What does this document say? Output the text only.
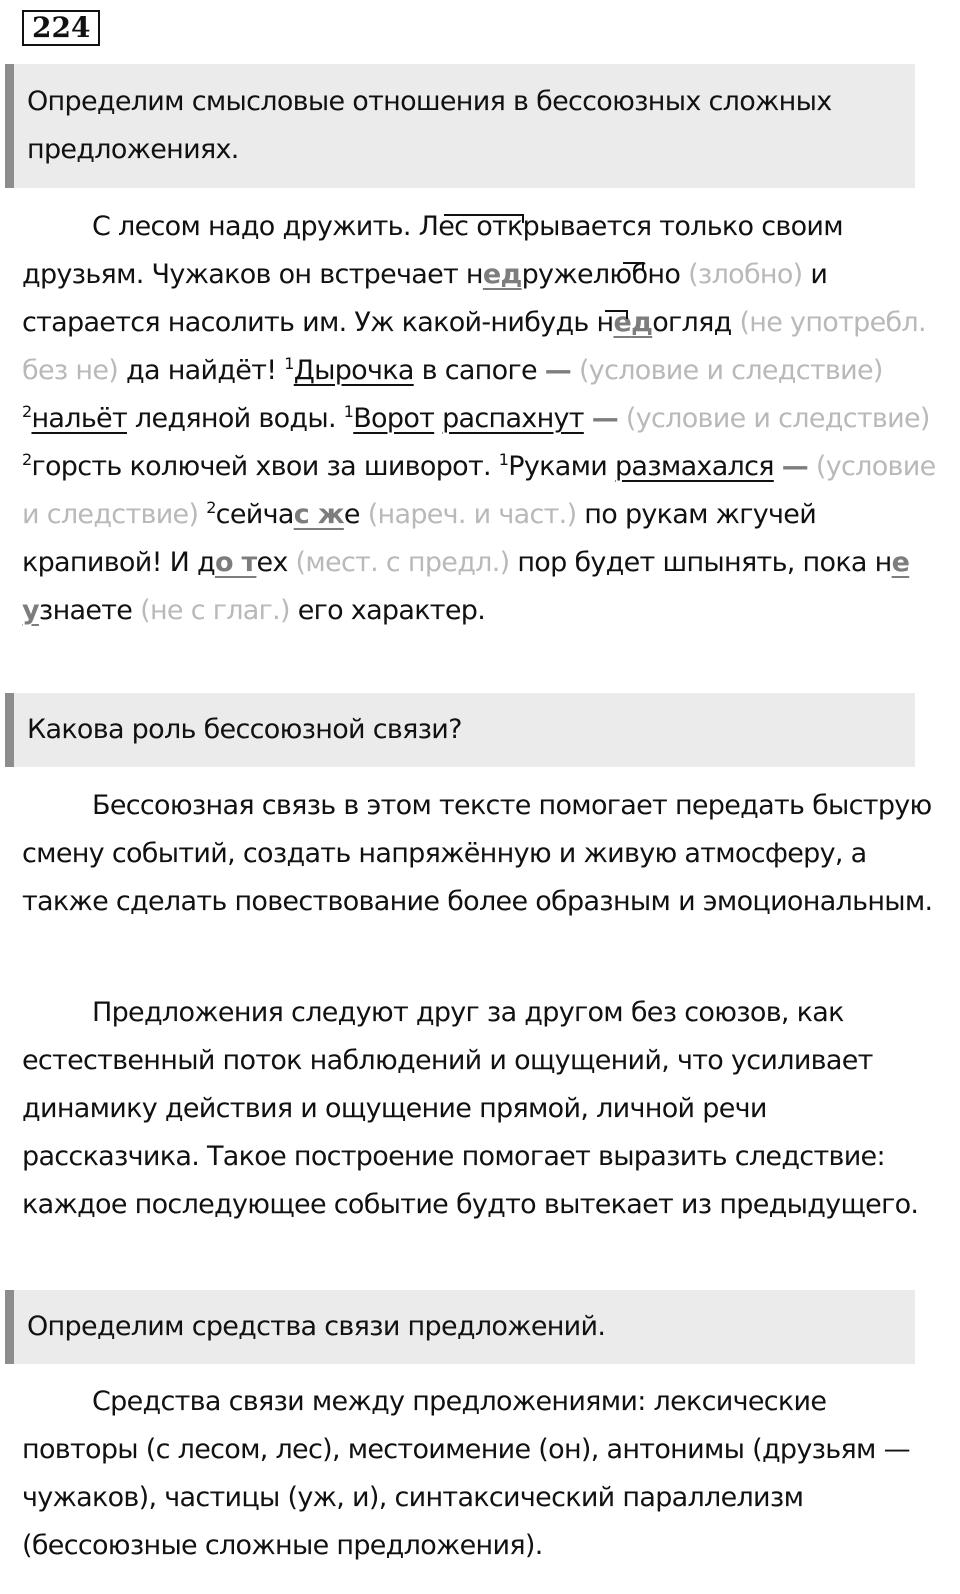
224
Определим смысловые отношения в бессоюзных сложных предложениях.

С лесом надо дружить. Лес открывается только своим друзьям. Чужаков он встречает недружелюбно (злобно) и старается насолить им. Уж какой-нибудь недогляд (не употребл. без не) да найдёт! $^1$Дырочка в сапоге — (условие и следствие) $^2$нальёт ледяной воды. $^1$Ворот распахнут — (условие и следствие) $^2$горсть колючей хвои за шиворот. $^1$Руками размахался — (условие и следствие) $^2$сейчас же (нареч. и част.) по рукам жгучей крапивой! И до тех (мест. с предл.) пор будет шпынять, пока не узнаете (не с глаг.) его характер.

Какова роль бессоюзной связи?

Бессоюзная связь в этом тексте помогает передать быструю смену событий, создать напряжённую и живую атмосферу, а также сделать повествование более образным и эмоциональным.

Предложения следуют друг за другом без союзов, как естественный поток наблюдений и ощущений, что усиливает динамику действия и ощущение прямой, личной речи рассказчика. Такое построение помогает выразить следствие: каждое последующее событие будто вытекает из предыдущего.

Определим средства связи предложений.

Средства связи между предложениями: лексические повторы (с лесом, лес), местоимение (он), антонимы (друзьям — чужаков), частицы (уж, и), синтаксический параллелизм (бессоюзные сложные предложения).
